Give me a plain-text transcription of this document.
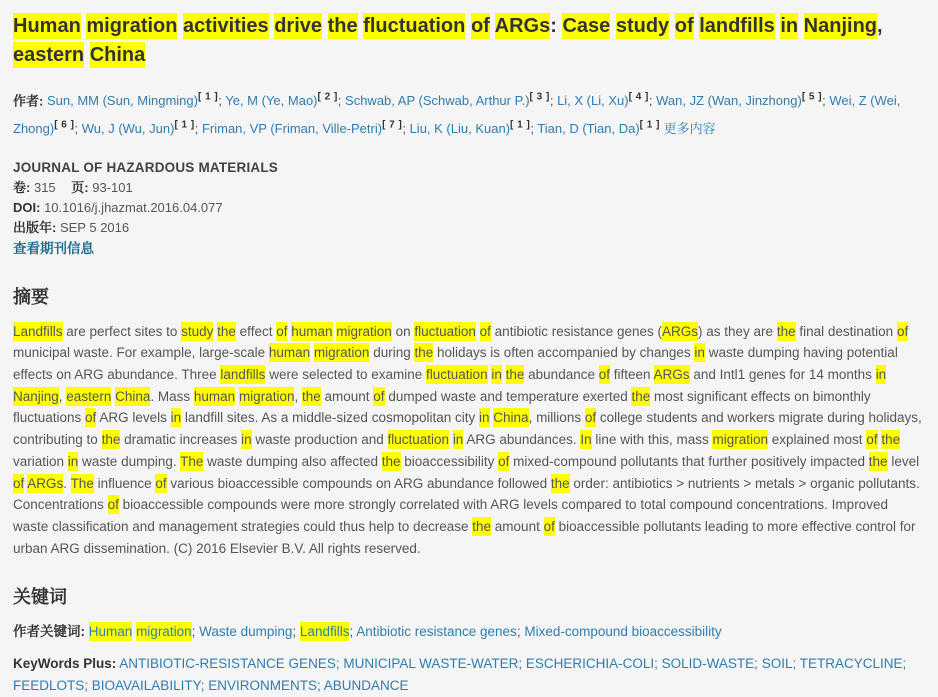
Human migration activities drive the fluctuation of ARGs: Case study of landfills in Nanjing, eastern China

作者: Sun, MM (Sun, Mingming)[ 1 ]; Ye, M (Ye, Mao)[ 2 ]; Schwab, AP (Schwab, Arthur P.)[ 3 ]; Li, X (Li, Xu)[ 4 ]; Wan, JZ (Wan, Jinzhong)[ 5 ]; Wei, Z (Wei, Zhong)[ 6 ]; Wu, J (Wu, Jun)[ 1 ]; Friman, VP (Friman, Ville-Petri)[ 7 ]; Liu, K (Liu, Kuan)[ 1 ]; Tian, D (Tian, Da)[ 1 ] 更多内容

JOURNAL OF HAZARDOUS MATERIALS
卷: 315 页: 93-101
DOI: 10.1016/j.jhazmat.2016.04.077
出版年: SEP 5 2016
查看期刊信息
摘要

Landfills are perfect sites to study the effect of human migration on fluctuation of antibiotic resistance genes (ARGs) as they are the final destination of municipal waste. For example, large-scale human migration during the holidays is often accompanied by changes in waste dumping having potential effects on ARG abundance. Three landfills were selected to examine fluctuation in the abundance of fifteen ARGs and Intl1 genes for 14 months in Nanjing, eastern China. Mass human migration, the amount of dumped waste and temperature exerted the most significant effects on bimonthly fluctuations of ARG levels in landfill sites. As a middle-sized cosmopolitan city in China, millions of college students and workers migrate during holidays, contributing to the dramatic increases in waste production and fluctuation in ARG abundances. In line with this, mass migration explained most of the variation in waste dumping. The waste dumping also affected the bioaccessibility of mixed-compound pollutants that further positively impacted the level of ARGs. The influence of various bioaccessible compounds on ARG abundance followed the order: antibiotics > nutrients > metals > organic pollutants. Concentrations of bioaccessible compounds were more strongly correlated with ARG levels compared to total compound concentrations. Improved waste classification and management strategies could thus help to decrease the amount of bioaccessible pollutants leading to more effective control for urban ARG dissemination. (C) 2016 Elsevier B.V. All rights reserved.

关键词

作者关键词: Human migration; Waste dumping; Landfills; Antibiotic resistance genes; Mixed-compound bioaccessibility

KeyWords Plus: ANTIBIOTIC-RESISTANCE GENES; MUNICIPAL WASTE-WATER; ESCHERICHIA-COLI; SOLID-WASTE; SOIL; TETRACYCLINE; FEEDLOTS; BIOAVAILABILITY; ENVIRONMENTS; ABUNDANCE
